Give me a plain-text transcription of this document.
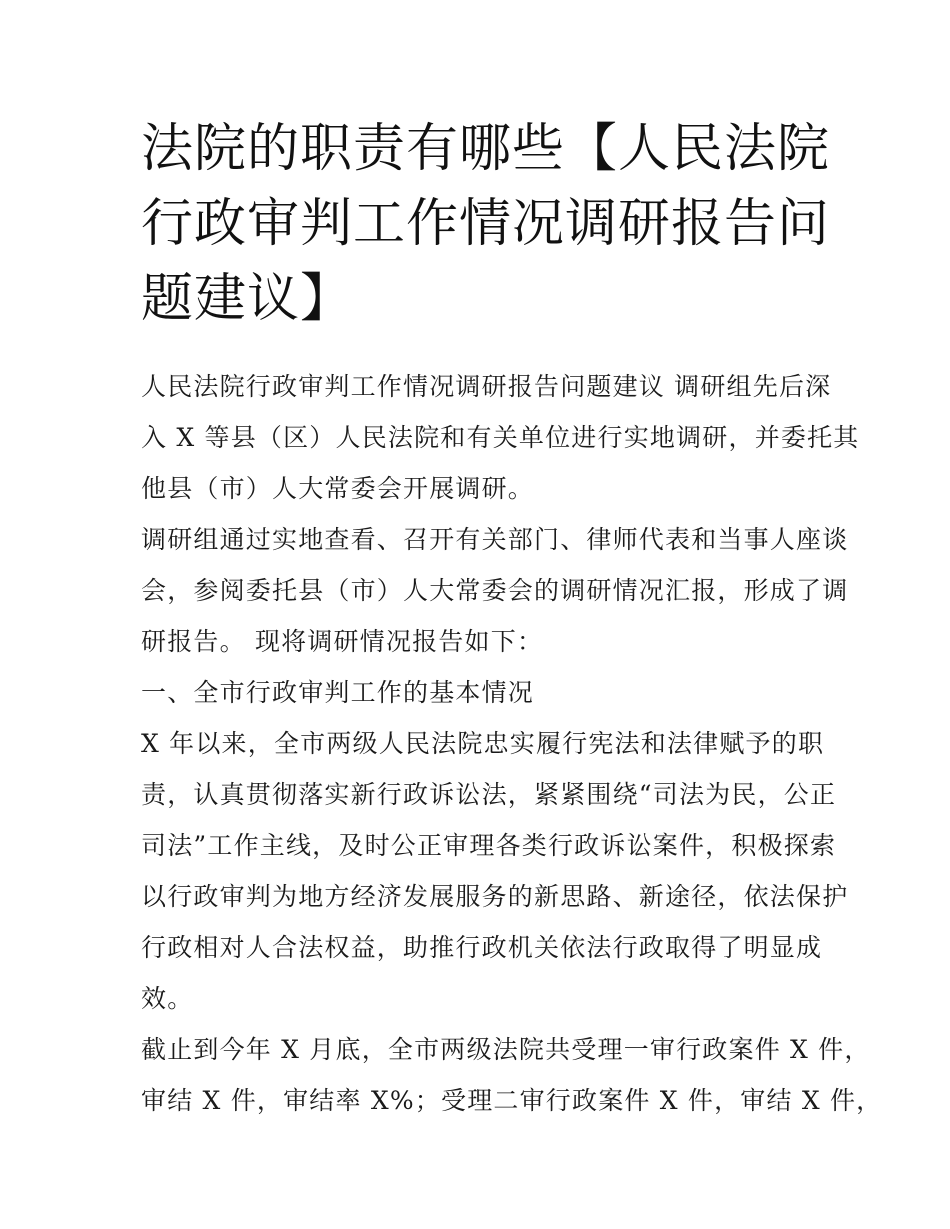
法院的职责有哪些【人民法院
行政审判工作情况调研报告问
题建议】

人民法院行政审判工作情况调研报告问题建议 调研组先后深
入 X 等县（区）人民法院和有关单位进行实地调研，并委托其
他县（市）人大常委会开展调研。

调研组通过实地查看、召开有关部门、律师代表和当事人座谈
会，参阅委托县（市）人大常委会的调研情况汇报，形成了调
研报告。 现将调研情况报告如下：

一、全市行政审判工作的基本情况

X 年以来，全市两级人民法院忠实履行宪法和法律赋予的职
责，认真贯彻落实新行政诉讼法，紧紧围绕“司法为民，公正
司法”工作主线，及时公正审理各类行政诉讼案件，积极探索
以行政审判为地方经济发展服务的新思路、新途径，依法保护
行政相对人合法权益，助推行政机关依法行政取得了明显成
效。

截止到今年 X 月底，全市两级法院共受理一审行政案件 X 件，
审结 X 件，审结率 X%；受理二审行政案件 X 件，审结 X 件，
